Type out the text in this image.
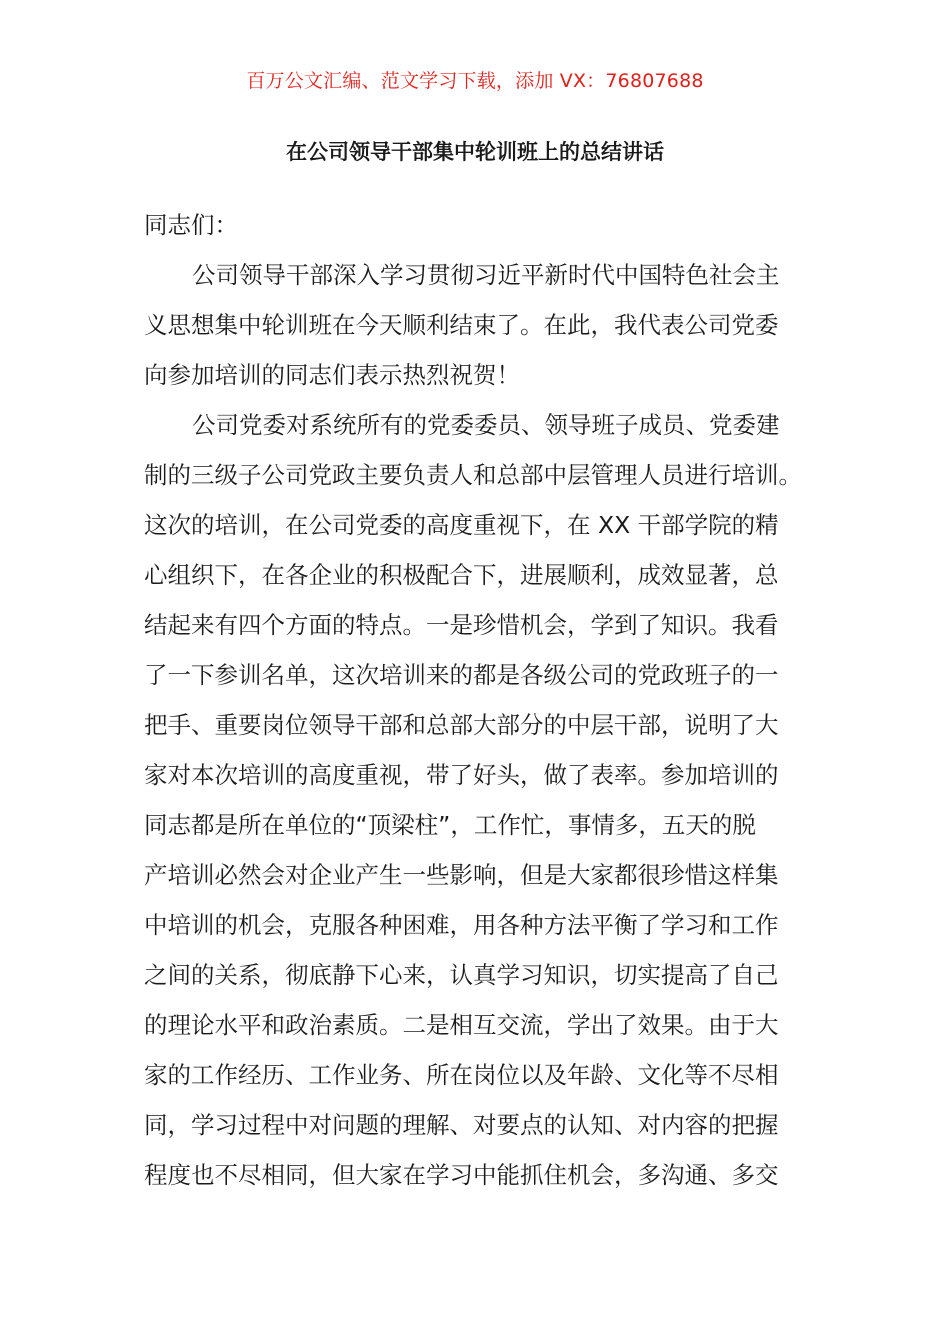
百万公文汇编、范文学习下载，添加 VX：76807688
在公司领导干部集中轮训班上的总结讲话
同志们：
公司领导干部深入学习贯彻习近平新时代中国特色社会主
义思想集中轮训班在今天顺利结束了。在此，我代表公司党委
向参加培训的同志们表示热烈祝贺！
公司党委对系统所有的党委委员、领导班子成员、党委建
制的三级子公司党政主要负责人和总部中层管理人员进行培训。
这次的培训，在公司党委的高度重视下，在 XX 干部学院的精
心组织下，在各企业的积极配合下，进展顺利，成效显著，总
结起来有四个方面的特点。一是珍惜机会，学到了知识。我看
了一下参训名单，这次培训来的都是各级公司的党政班子的一
把手、重要岗位领导干部和总部大部分的中层干部，说明了大
家对本次培训的高度重视，带了好头，做了表率。参加培训的
同志都是所在单位的“顶梁柱”，工作忙，事情多，五天的脱
产培训必然会对企业产生一些影响，但是大家都很珍惜这样集
中培训的机会，克服各种困难，用各种方法平衡了学习和工作
之间的关系，彻底静下心来，认真学习知识，切实提高了自己
的理论水平和政治素质。二是相互交流，学出了效果。由于大
家的工作经历、工作业务、所在岗位以及年龄、文化等不尽相
同，学习过程中对问题的理解、对要点的认知、对内容的把握
程度也不尽相同，但大家在学习中能抓住机会，多沟通、多交
